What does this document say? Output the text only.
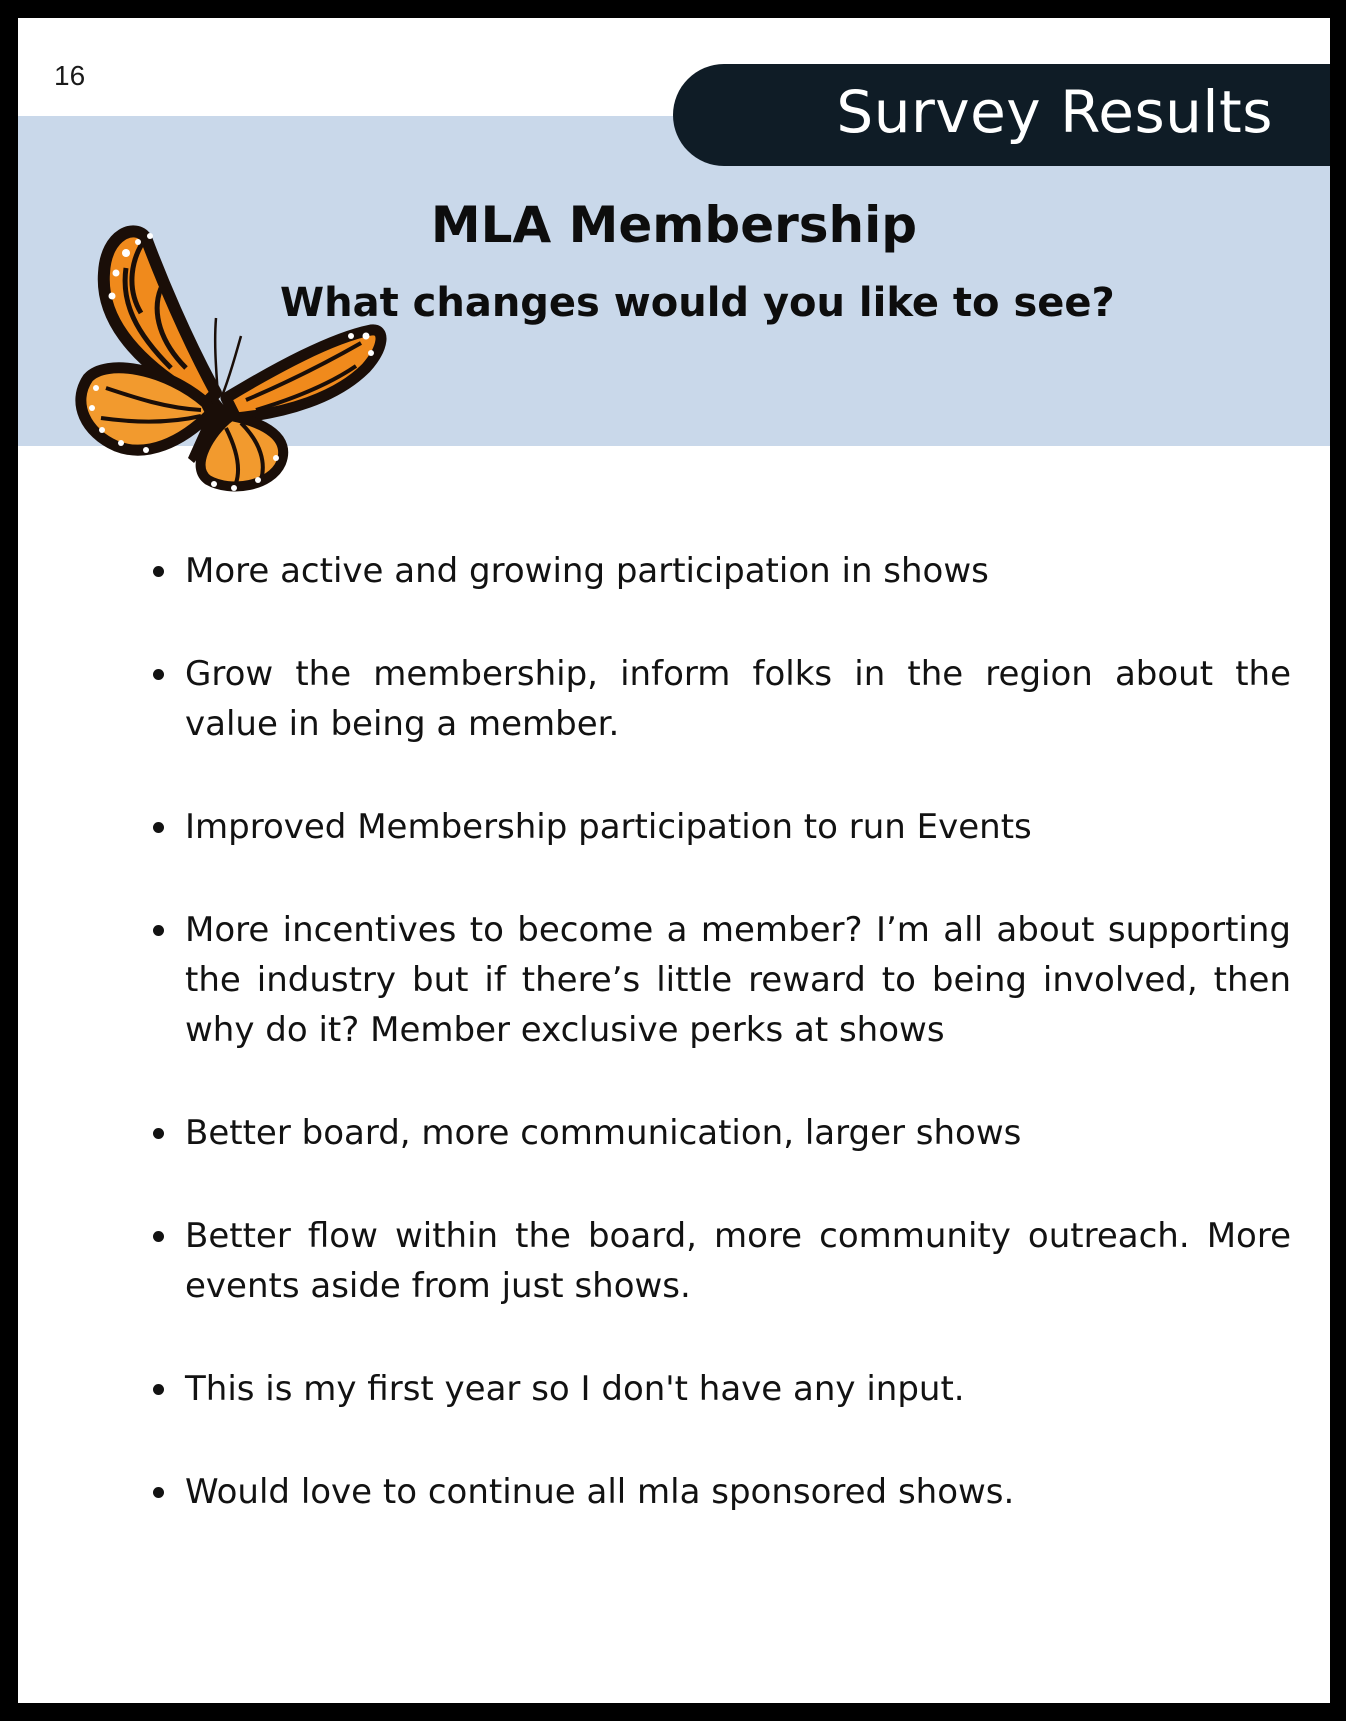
16
Survey Results
MLA Membership
What changes would you like to see?
More active and growing participation in shows
Grow the membership, inform folks in the region about the value in being a member.
Improved Membership participation to run Events
More incentives to become a member? I’m all about supporting the industry but if there’s little reward to being involved, then why do it? Member exclusive perks at shows
Better board, more communication, larger shows
Better flow within the board, more community outreach. More events aside from just shows.
This is my first year so I don't have any input.
Would love to continue all mla sponsored shows.
